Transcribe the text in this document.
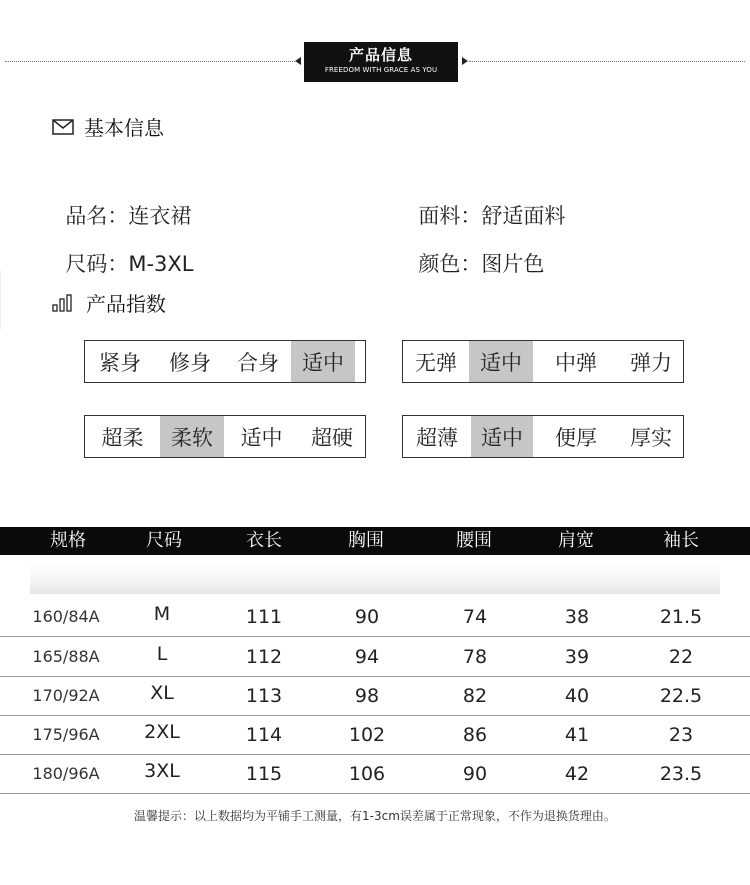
产品信息
FREEDOM WITH GRACE AS YOU
基本信息

品名：连衣裙	面料：舒适面料

尺码：M-3XL	颜色：图片色

产品指数
紧身 修身 合身 适中	无弹 适中 中弹 弹力
超柔 柔软 适中 超硬	超薄 适中 便厚 厚实
规格	尺码	衣长	胸围	腰围	肩宽	袖长
160/84A	M	111	90	74	38	21.5
165/88A	L	112	94	78	39	22
170/92A	XL	113	98	82	40	22.5
175/96A 2XL	114	102	86	41	23
180/96A 3XL	115	106	90	42	23.5
温馨提示：以上数据均为平铺手工测量，有1-3cm误差属于正常现象，不作为退换货理由。
